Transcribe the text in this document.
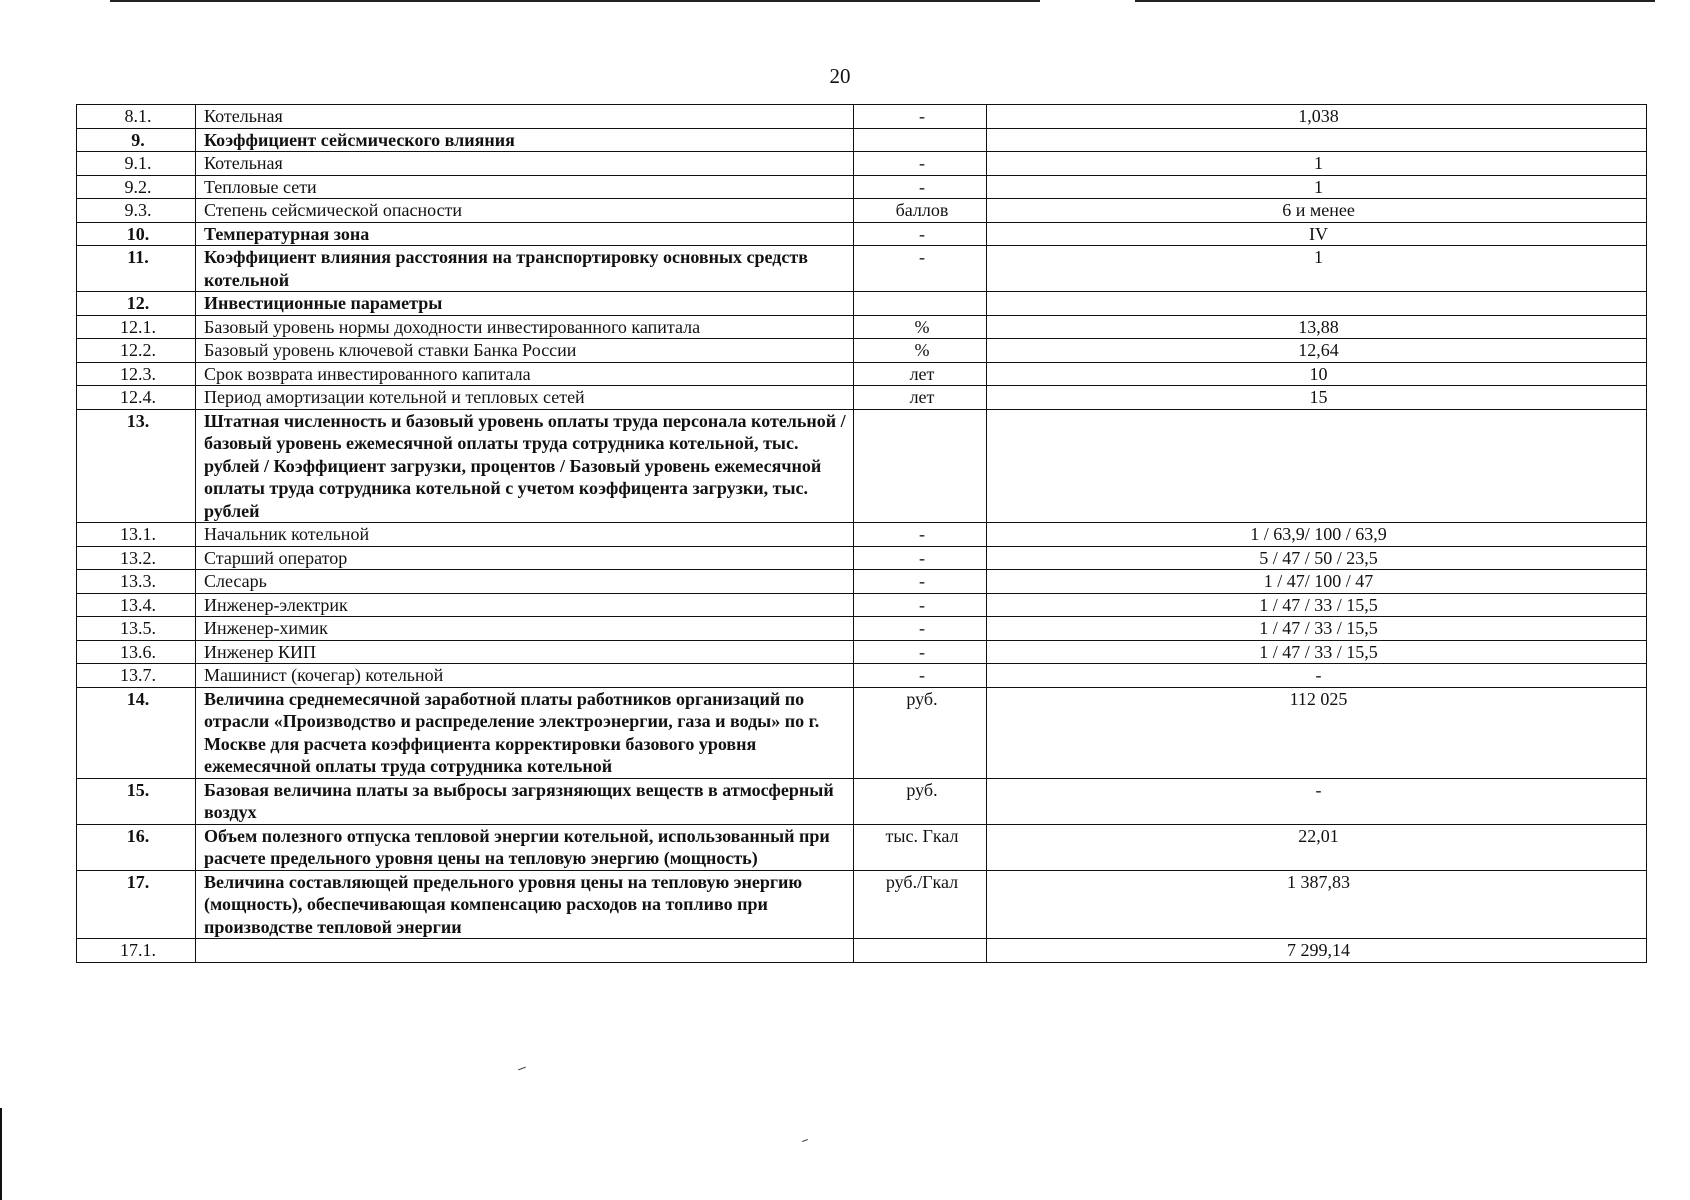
20
8.1.	Котельная	-	1,038
9.	Коэффициент сейсмического влияния		
9.1.	Котельная	-	1
9.2.	Тепловые сети	-	1
9.3.	Степень сейсмической опасности	баллов	6 и менее
10.	Температурная зона	-	IV
11.	Коэффициент влияния расстояния на транспортировку основных средств котельной	-	1
12.	Инвестиционные параметры		
12.1.	Базовый уровень нормы доходности инвестированного капитала	%	13,88
12.2.	Базовый уровень ключевой ставки Банка России	%	12,64
12.3.	Срок возврата инвестированного капитала	лет	10
12.4.	Период амортизации котельной и тепловых сетей	лет	15
13.	Штатная численность и базовый уровень оплаты труда персонала котельной / базовый уровень ежемесячной оплаты труда сотрудника котельной, тыс. рублей / Коэффициент загрузки, процентов / Базовый уровень ежемесячной оплаты труда сотрудника котельной с учетом коэффицента загрузки, тыс. рублей		
13.1.	Начальник котельной	-	1 / 63,9/ 100 / 63,9
13.2.	Старший оператор	-	5 / 47 / 50 / 23,5
13.3.	Слесарь	-	1 / 47/ 100 / 47
13.4.	Инженер-электрик	-	1 / 47 / 33 / 15,5
13.5.	Инженер-химик	-	1 / 47 / 33 / 15,5
13.6.	Инженер КИП	-	1 / 47 / 33 / 15,5
13.7.	Машинист (кочегар) котельной	-	-
14.	Величина среднемесячной заработной платы работников организаций по отрасли «Производство и распределение электроэнергии, газа и воды» по г. Москве для расчета коэффициента корректировки базового уровня ежемесячной оплаты труда сотрудника котельной	руб.	112 025
15.	Базовая величина платы за выбросы загрязняющих веществ в атмосферный воздух	руб.	-
16.	Объем полезного отпуска тепловой энергии котельной, использованный при расчете предельного уровня цены на тепловую энергию (мощность)	тыс. Гкал	22,01
17.	Величина составляющей предельного уровня цены на тепловую энергию (мощность), обеспечивающая компенсацию расходов на топливо при производстве тепловой энергии	руб./Гкал	1 387,83
17.1.			7 299,14
